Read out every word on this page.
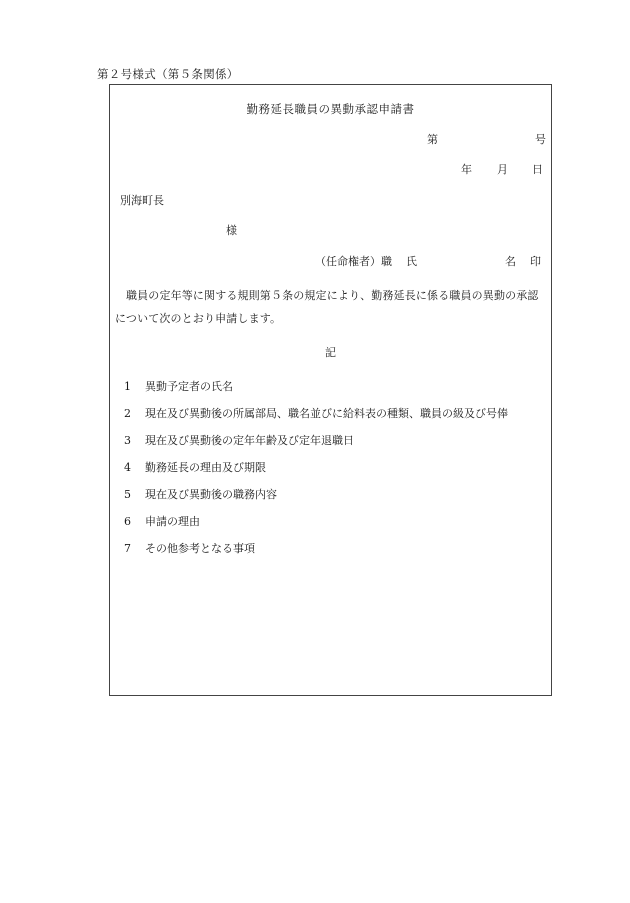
第２号様式（第５条関係）
勤務延長職員の異動承認申請書
第	号
年 月 日
別海町長
様
（任命権者）職 氏	名 印
職員の定年等に関する規則第５条の規定により、勤務延長に係る職員の異動の承認について次のとおり申請します。
記
1 異動予定者の氏名
2 現在及び異動後の所属部局、職名並びに給料表の種類、職員の級及び号俸
3 現在及び異動後の定年年齢及び定年退職日
4 勤務延長の理由及び期限
5 現在及び異動後の職務内容
6 申請の理由
7 その他参考となる事項
